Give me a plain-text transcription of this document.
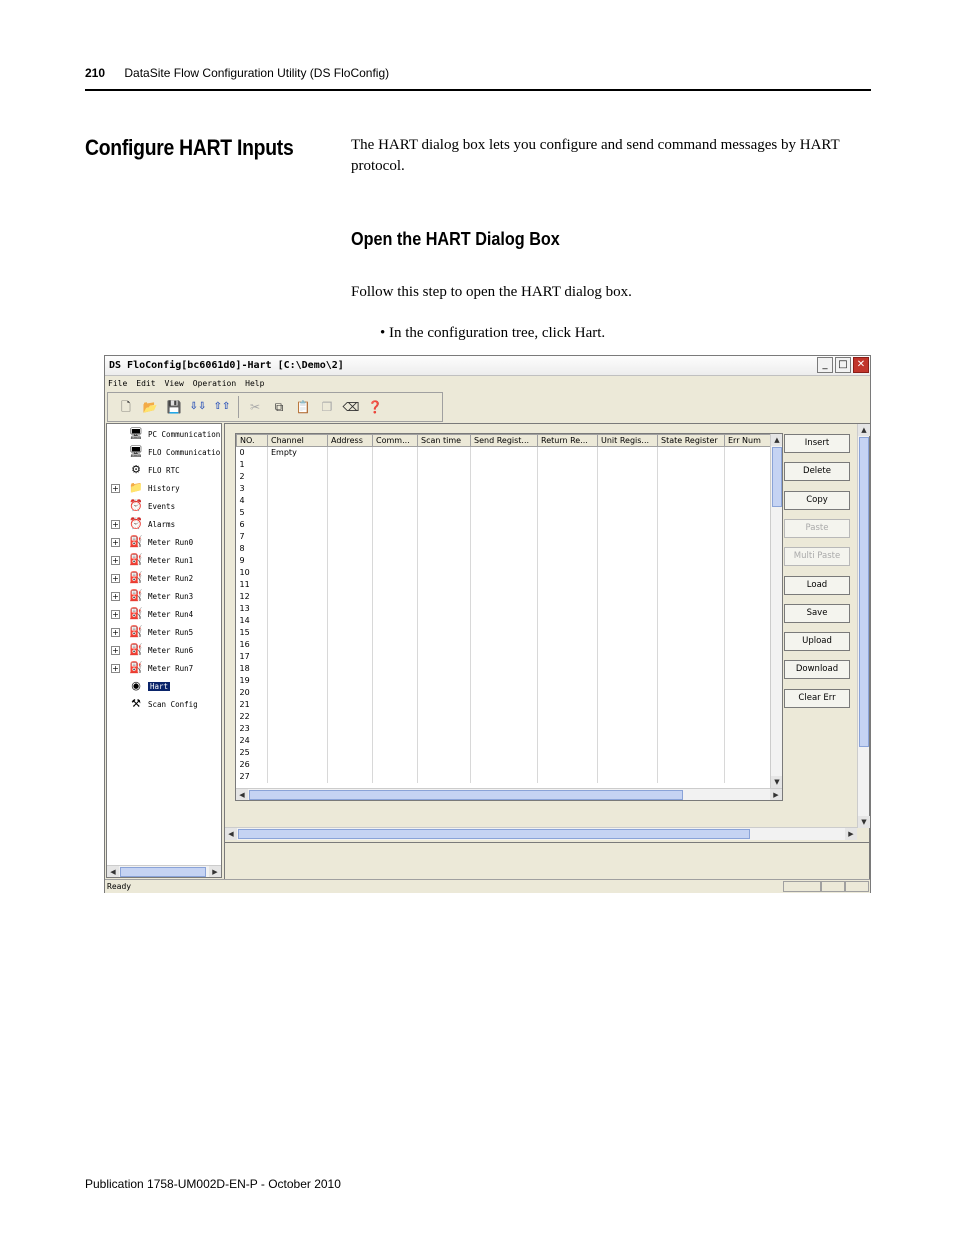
210 DataSite Flow Configuration Utility (DS FloConfig)
Configure HART Inputs	The HART dialog box lets you configure and send command messages by HART protocol.
Open the HART Dialog Box
Follow this step to open the HART dialog box.
• In the configuration tree, click Hart.
DS FloConfig[bc6061d0]-Hart [C:\Demo\2]	_	□ ✕
File	Edit	View	Operation	Help
🗋 📂 💾 ⇩⇩ ⇧⇧	✂	⧉	📋 ❐ ⌫ ❓
🖥 PC Communication
🖥 FLO Communicatio
⚙ FLO RTC
+ 📁 History
⏰ Events
+ ⏰ Alarms
+ ⛽ Meter Run0
+ ⛽ Meter Run1
+ ⛽ Meter Run2
+ ⛽ Meter Run3
+ ⛽ Meter Run4
+ ⛽ Meter Run5
+ ⛽ Meter Run6
+ ⛽ Meter Run7
◉	Hart
⚒ Scan Config
◀	▶
NO.	Channel	Address	Comm...	Scan time	Send Regist...	Return Re...	Unit Regis...	State Register	Err Num
0	Empty								
1									
2									
3									
4									
5									
6									
7									
8									
9									
10									
11									
12									
13									
14									
15									
16									
17									
18									
19									
20									
21									
22									
23									
24									
25									
26									
27									
▲
▼
◀	▶
Insert
Delete
Copy
Paste
Multi Paste
Load
Save
Upload
Download
Clear Err
▲
▼
◀	▶
Ready
Publication 1758-UM002D-EN-P - October 2010
